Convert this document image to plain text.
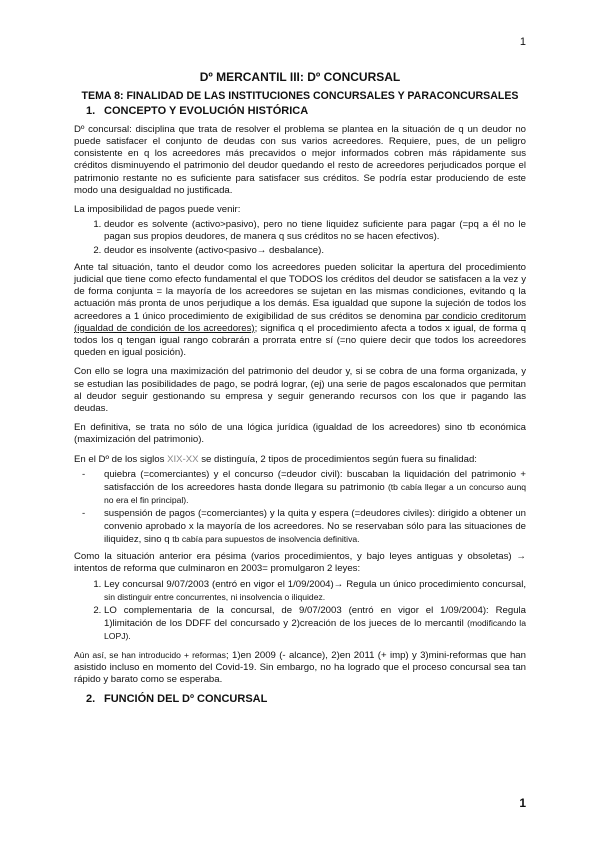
1

Dº MERCANTIL III: Dº CONCURSAL

TEMA 8: FINALIDAD DE LAS INSTITUCIONES CONCURSALES Y PARACONCURSALES

1. CONCEPTO Y EVOLUCIÓN HISTÓRICA

Dº concursal: disciplina que trata de resolver el problema se plantea en la situación de q un deudor no puede satisfacer el conjunto de deudas con sus varios acreedores. Requiere, pues, de un peligro consistente en q los acreedores más precavidos o mejor informados cobren más rápidamente sus créditos disminuyendo el patrimonio del deudor quedando el resto de acreedores perjudicados porque el patrimonio restante no es suficiente para satisfacer sus créditos. Se podría estar produciendo de este modo una desigualdad no justificada.

La imposibilidad de pagos puede venir:

1. deudor es solvente (activo>pasivo), pero no tiene liquidez suficiente para pagar (=pq a él no le pagan sus propios deudores, de manera q sus créditos no se hacen efectivos).
2. deudor es insolvente (activo<pasivo→ desbalance).

Ante tal situación, tanto el deudor como los acreedores pueden solicitar la apertura del procedimiento judicial que tiene como efecto fundamental el que TODOS los créditos del deudor se satisfacen a la vez y de forma conjunta = la mayoría de los acreedores se sujetan en las mismas condiciones, evitando q la actuación más pronta de unos perjudique a los demás. Esa igualdad que supone la sujeción de todos los acreedores a 1 único procedimiento de exigibilidad de sus créditos se denomina par condicio creditorum (igualdad de condición de los acreedores); significa q el procedimiento afecta a todos x igual, de forma q todos los q tengan igual rango cobrarán a prorrata entre sí (=no quiere decir que todos los acreedores queden en igual posición).

Con ello se logra una maximización del patrimonio del deudor y, si se cobra de una forma organizada, y se estudian las posibilidades de pago, se podrá lograr, (ej) una serie de pagos escalonados que permitan al deudor seguir gestionando su empresa y seguir generando recursos con los que ir pagando las deudas.

En definitiva, se trata no sólo de una lógica jurídica (igualdad de los acreedores) sino tb económica (maximización del patrimonio).

En el Dº de los siglos XIX-XX se distinguía, 2 tipos de procedimientos según fuera su finalidad:

- quiebra (=comerciantes) y el concurso (=deudor civil): buscaban la liquidación del patrimonio + satisfacción de los acreedores hasta donde llegara su patrimonio (tb cabía llegar a un concurso aunq no era el fin principal).
- suspensión de pagos (=comerciantes) y la quita y espera (=deudores civiles): dirigido a obtener un convenio aprobado x la mayoría de los acreedores. No se reservaban sólo para las situaciones de iliquidez, sino q tb cabía para supuestos de insolvencia definitiva.

Como la situación anterior era pésima (varios procedimientos, y bajo leyes antiguas y obsoletas) → intentos de reforma que culminaron en 2003= promulgaron 2 leyes:

1. Ley concursal 9/07/2003 (entró en vigor el 1/09/2004)→ Regula un único procedimiento concursal, sin distinguir entre concurrentes, ni insolvencia o iliquidez.
2. LO complementaria de la concursal, de 9/07/2003 (entró en vigor el 1/09/2004): Regula 1)limitación de los DDFF del concursado y 2)creación de los jueces de lo mercantil (modificando la LOPJ).

Aún así, se han introducido + reformas; 1)en 2009 (- alcance), 2)en 2011 (+ imp) y 3)mini-reformas que han asistido incluso en momento del Covid-19. Sin embargo, no ha logrado que el proceso concursal sea tan rápido y barato como se esperaba.

2. FUNCIÓN DEL Dº CONCURSAL
1
